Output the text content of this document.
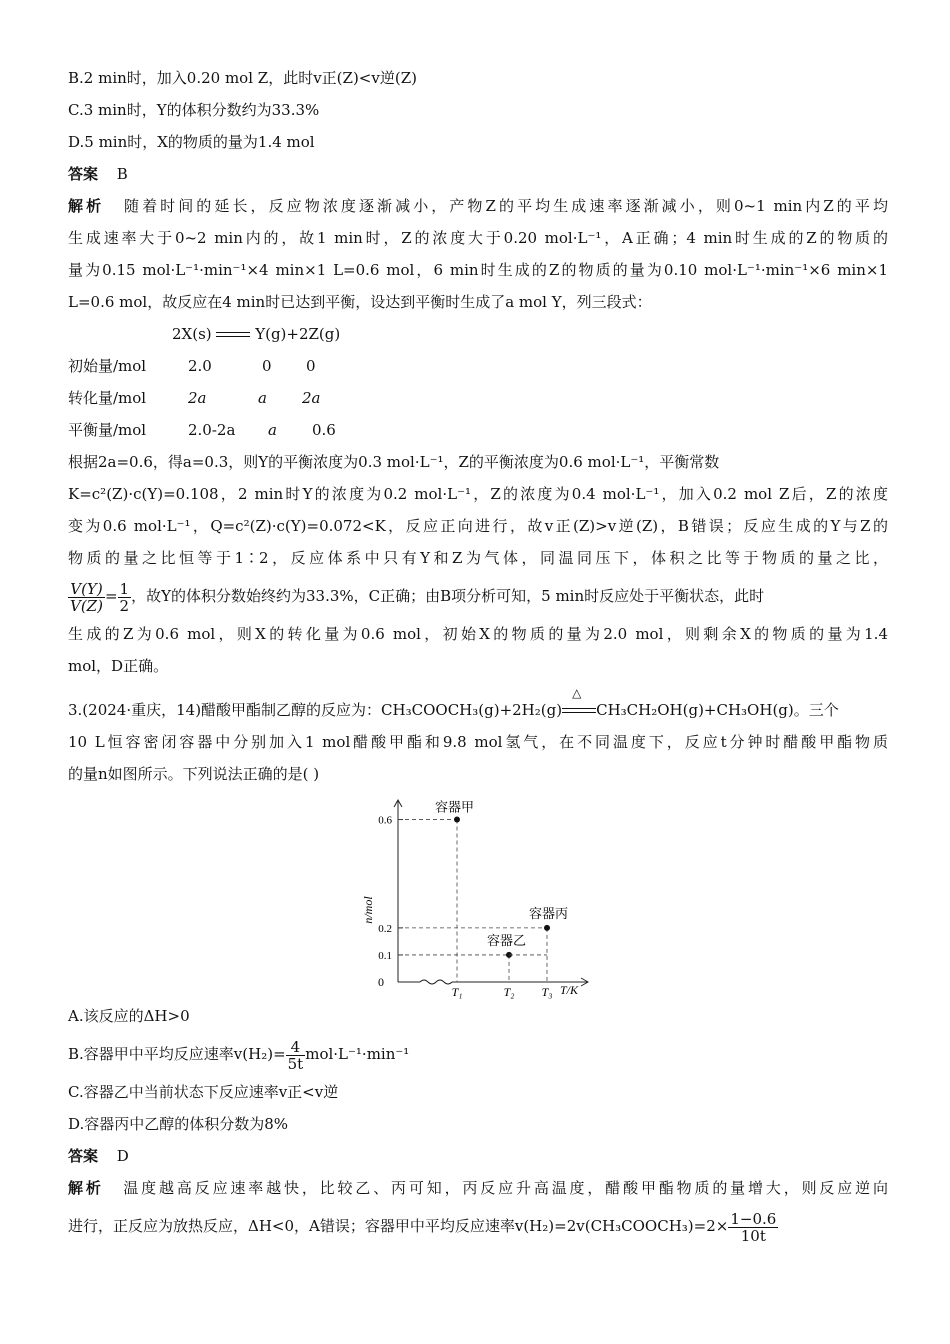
B.2 min时，加入0.20 mol Z，此时v正(Z)<v逆(Z)
C.3 min时，Y的体积分数约为33.3%
D.5 min时，X的物质的量为1.4 mol
答案 B
解析 随着时间的延长，反应物浓度逐渐减小，产物Z的平均生成速率逐渐减小，则0~1 min内Z的平均
生成速率大于0~2 min内的，故1 min时，Z的浓度大于0.20 mol·L⁻¹，A正确；4 min时生成的Z的物质的
量为0.15 mol·L⁻¹·min⁻¹×4 min×1 L=0.6 mol，6 min时生成的Z的物质的量为0.10 mol·L⁻¹·min⁻¹×6 min×1
L=0.6 mol，故反应在4 min时已达到平衡，设达到平衡时生成了a mol Y，列三段式：
2X(s)	Y(g)+2Z(g)
初始量/mol	2.0	0 0
转化量/mol	2a	a 2a
平衡量/mol	2.0-2a a 0.6
根据2a=0.6，得a=0.3，则Y的平衡浓度为0.3 mol·L⁻¹，Z的平衡浓度为0.6 mol·L⁻¹，平衡常数
K=c²(Z)·c(Y)=0.108，2 min时Y的浓度为0.2 mol·L⁻¹，Z的浓度为0.4 mol·L⁻¹，加入0.2 mol Z后，Z的浓度
变为0.6 mol·L⁻¹，Q=c²(Z)·c(Y)=0.072<K，反应正向进行，故v正(Z)>v逆(Z)，B错误；反应生成的Y与Z的
物质的量之比恒等于1∶2，反应体系中只有Y和Z为气体，同温同压下，体积之比等于物质的量之比，
$\frac{V(Y)}{V(Z)} = \frac{1}{2}$ ，故Y的体积分数始终约为33.3%，C正确；由B项分析可知，5 min时反应处于平衡状态，此时
生成的Z为0.6 mol，则X的转化量为0.6 mol，初始X的物质的量为2.0 mol，则剩余X的物质的量为1.4
mol，D正确。
3.(2024·重庆，14)醋酸甲酯制乙醇的反应为：CH₃COOCH₃(g)+2H₂(g)
△
CH₃CH₂OH(g)+CH₃OH(g)。三个
10 L恒容密闭容器中分别加入1 mol醋酸甲酯和9.8 mol氢气，在不同温度下，反应t分钟时醋酸甲酯物质
的量n如图所示。下列说法正确的是( )
0
n/mol
T/K
0.6
0.2
0.1
T₁	T₂ T₃
容器甲
容器乙
容器丙
A.该反应的ΔH>0
B.容器甲中平均反应速率$v(H_2)= \frac{4}{5t} mol\cdot L^{-1}\cdot\min^{-1}$
C.容器乙中当前状态下反应速率v正<v逆
D.容器丙中乙醇的体积分数为8%
答案 D
解析 温度越高反应速率越快，比较乙、丙可知，丙反应升高温度，醋酸甲酯物质的量增大，则反应逆向
进行，正反应为放热反应，ΔH<0，A错误；容器甲中平均反应速率v(H₂)=2v(CH₃COOCH₃)=2× $\frac{1-0.6}{10t}$
